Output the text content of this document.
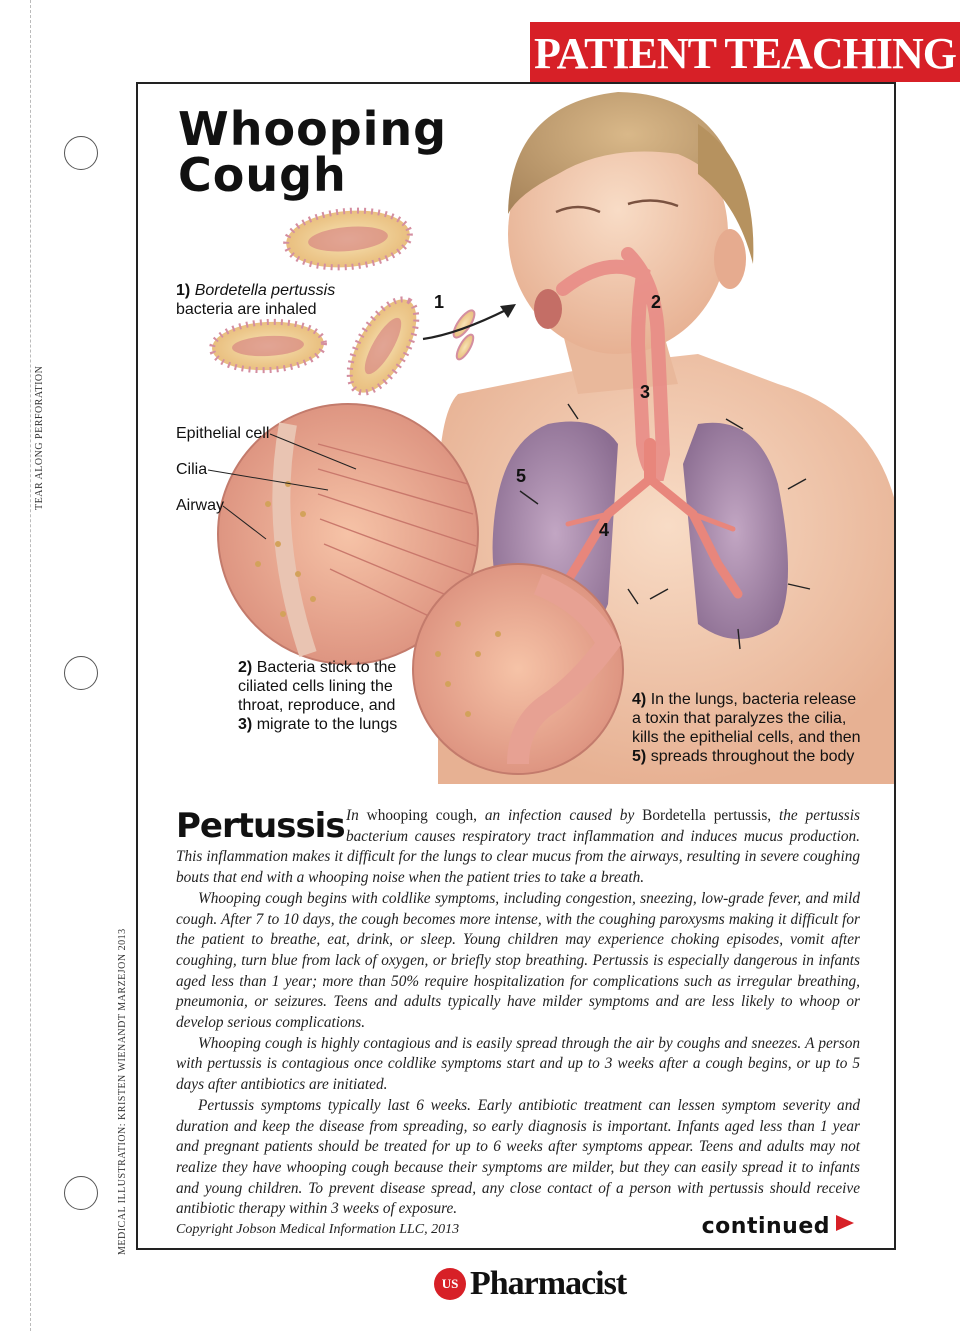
TEAR ALONG PERFORATION
MEDICAL ILLUSTRATION: KRISTEN WIENANDT MARZEJON 2013
PATIENT TEACHING
Whooping
Cough
1) Bordetella pertussis bacteria are inhaled
Epithelial cell
Cilia
Airway
2) Bacteria stick to the ciliated cells lining the throat, reproduce, and 3) migrate to the lungs
4) In the lungs, bacteria release a toxin that paralyzes the cilia, kills the epithelial cells, and then 5) spreads throughout the body
1	2
3
4
5
Pertussis In whooping cough, an infection caused by Bordetella pertussis, the pertussis bacterium causes respiratory tract inflammation and induces mucus production. This inflammation makes it difficult for the lungs to clear mucus from the airways, resulting in severe coughing bouts that end with a whooping noise when the patient tries to take a breath.

Whooping cough begins with coldlike symptoms, including congestion, sneezing, low-grade fever, and mild cough. After 7 to 10 days, the cough becomes more intense, with the coughing paroxysms making it difficult for the patient to breathe, eat, drink, or sleep. Young children may experience choking episodes, vomit after coughing, turn blue from lack of oxygen, or briefly stop breathing. Pertussis is especially dangerous in infants aged less than 1 year; more than 50% require hospitalization for complications such as irregular breathing, pneumonia, or seizures. Teens and adults typically have milder symptoms and are less likely to whoop or develop serious complications.

Whooping cough is highly contagious and is easily spread through the air by coughs and sneezes. A person with pertussis is contagious once coldlike symptoms start and up to 3 weeks after a cough begins, or up to 5 days after antibiotics are initiated.

Pertussis symptoms typically last 6 weeks. Early antibiotic treatment can lessen symptom severity and duration and keep the disease from spreading, so early diagnosis is important. Infants aged less than 1 year and pregnant patients should be treated for up to 6 weeks after symptoms appear. Teens and adults may not realize they have whooping cough because their symptoms are milder, but they can easily spread it to infants and young children. To prevent disease spread, any close contact of a person with pertussis should receive antibiotic therapy within 3 weeks of exposure.

Copyright Jobson Medical Information LLC, 2013	continued
US Pharmacist
